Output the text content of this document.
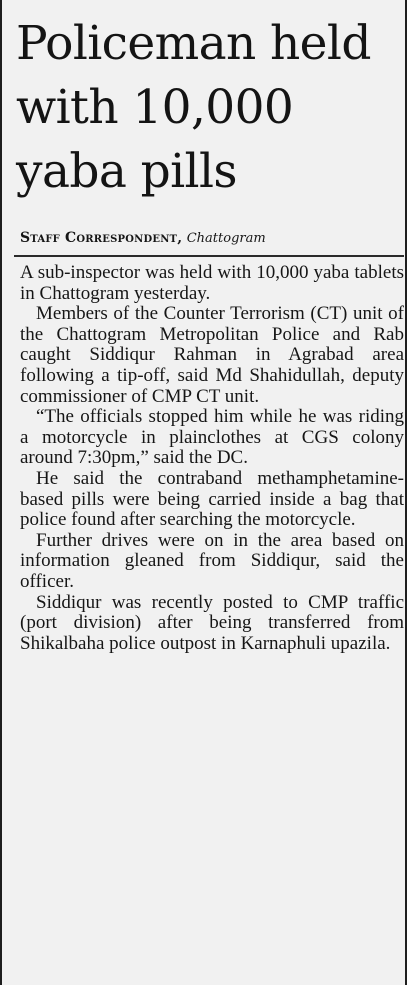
Policeman held with 10,000 yaba pills
Staff Correspondent, Chattogram

A sub-inspector was held with 10,000 yaba tablets in Chattogram yesterday.

Members of the Counter Terrorism (CT) unit of the Chattogram Metropolitan Police and Rab caught Siddiqur Rahman in Agrabad area following a tip-off, said Md Shahidullah, deputy commissioner of CMP CT unit.

“The officials stopped him while he was riding a motorcycle in plainclothes at CGS colony around 7:30pm,” said the DC.

He said the contraband methamphetamine-based pills were being carried inside a bag that police found after searching the motorcycle.

Further drives were on in the area based on information gleaned from Siddiqur, said the officer.

Siddiqur was recently posted to CMP traffic (port division) after being transferred from Shikalbaha police outpost in Karnaphuli upazila.
